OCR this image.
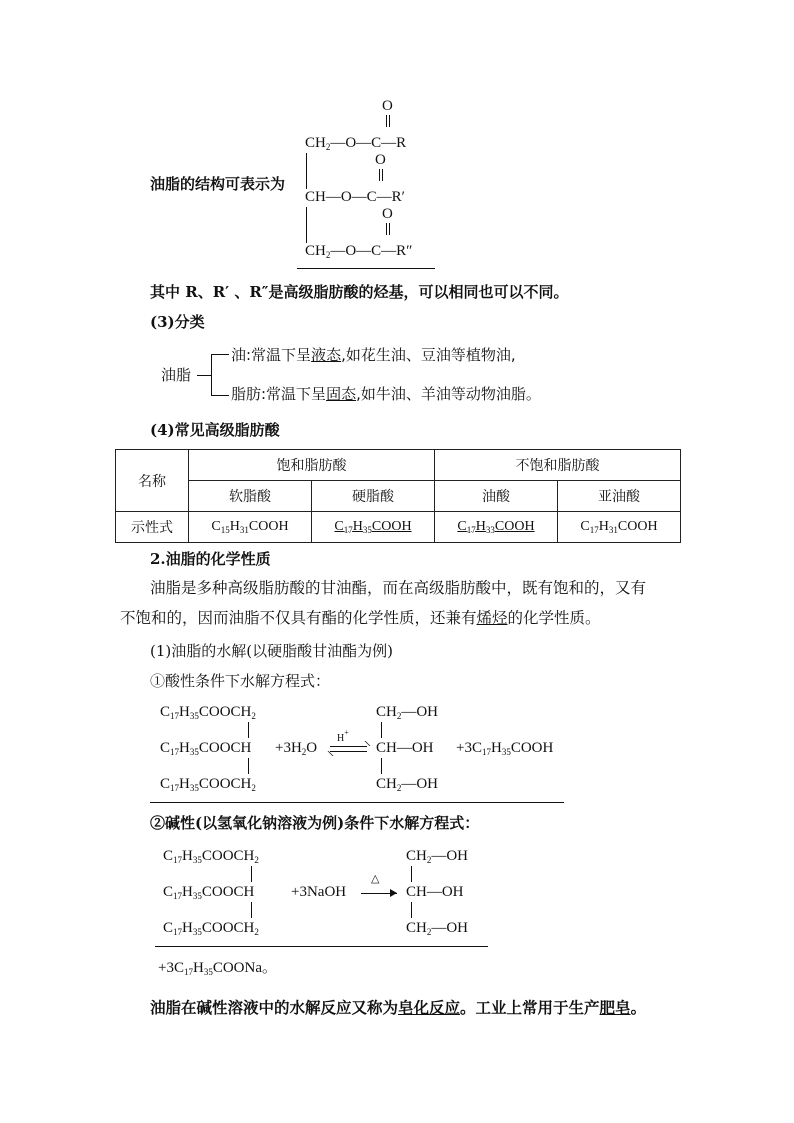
油脂的结构可表示为
O
$CH_2—O—C—R$
O
CH—O—C—R′
O
$CH_2—O—C—R''$
其中 R、R′ 、R″是高级脂肪酸的烃基，可以相同也可以不同。
(3)分类
油脂
油:常温下呈液态,如花生油、豆油等植物油,
脂肪:常温下呈固态,如牛油、羊油等动物油脂。
(4)常见高级脂肪酸
名称	饱和脂肪酸		不饱和脂肪酸	
	软脂酸	硬脂酸	油酸	亚油酸
示性式	$C_{15}H_{31}COOH$	$C_{17}H_{35}COOH$	$C_{17}H_{33}COOH$	$C_{17}H_{31}COOH$
2.油脂的化学性质
油脂是多种高级脂肪酸的甘油酯，而在高级脂肪酸中，既有饱和的，又有
不饱和的，因而油脂不仅具有酯的化学性质，还兼有烯烃的化学性质。
(1)油脂的水解(以硬脂酸甘油酯为例)
①酸性条件下水解方程式：
$C_{17}H_{35}COOCH_2$
$C_{17}H_{35}COOCH$
$C_{17}H_{35}COOCH_2$
$+3H_2O$
H+
$CH_2—OH$
CH—OH
$CH_2—OH$
$+3C_{17}H_{35}COOH$
②碱性(以氢氧化钠溶液为例)条件下水解方程式：
$C_{17}H_{35}COOCH_2$
$C_{17}H_{35}COOCH$
$C_{17}H_{35}COOCH_2$
+3NaOH
△
$CH_2—OH$
CH—OH
$CH_2—OH$
$+3C_{17}H_{35}COONa$。
油脂在碱性溶液中的水解反应又称为皂化反应。工业上常用于生产肥皂。
